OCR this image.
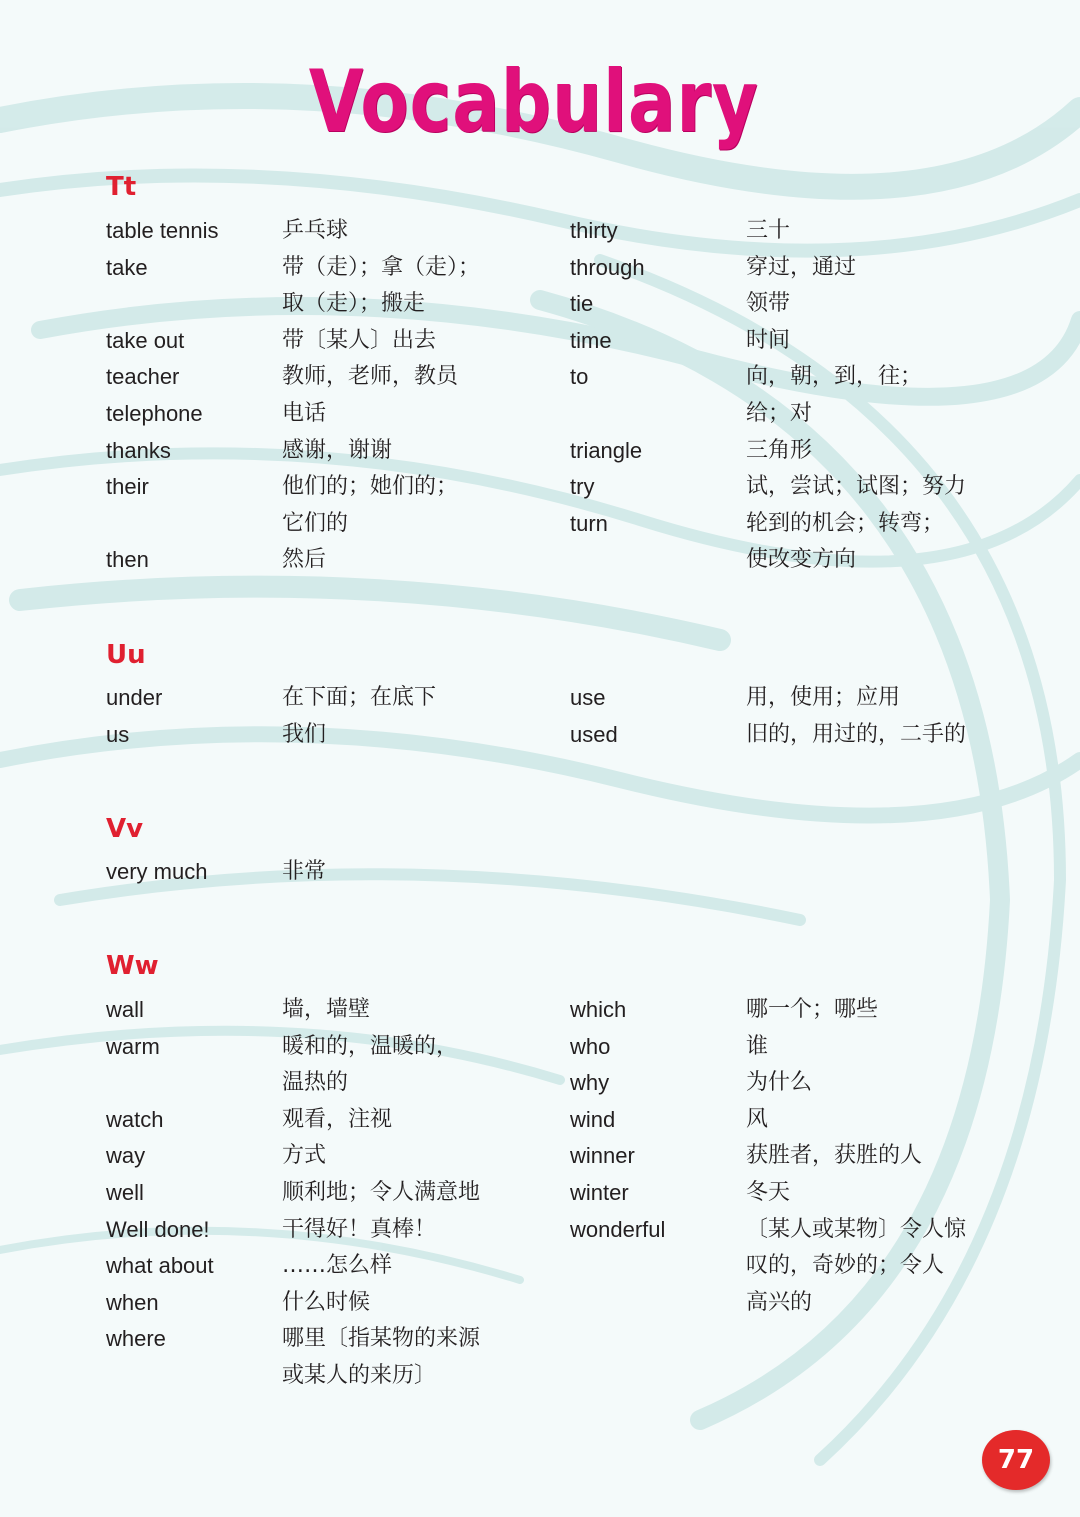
Vocabulary
Tt
Uu
Vv
Ww
table tennis	乒乓球
take	带（走）；拿（走）；
取（走）；搬走
take out	带〔某人〕出去
teacher	教师，老师，教员
telephone	电话
thanks	感谢，谢谢
their	他们的；她们的；
它们的
then	然后
thirty	三十
through	穿过，通过
tie	领带
time	时间
to	向，朝，到，往；
给；对
triangle	三角形
try	试，尝试；试图；努力
turn	轮到的机会；转弯；
使改变方向
under	在下面；在底下
us	我们
use	用，使用；应用
used	旧的，用过的，二手的
very much	非常
wall	墙，墙壁
warm	暖和的，温暖的，
温热的
watch	观看，注视
way	方式
well	顺利地；令人满意地
Well done!	干得好！真棒！
what about	……怎么样
when	什么时候
where	哪里〔指某物的来源
或某人的来历〕
which	哪一个；哪些
who	谁
why	为什么
wind	风
winner	获胜者，获胜的人
winter	冬天
wonderful	〔某人或某物〕令人惊
叹的，奇妙的；令人
高兴的
77
